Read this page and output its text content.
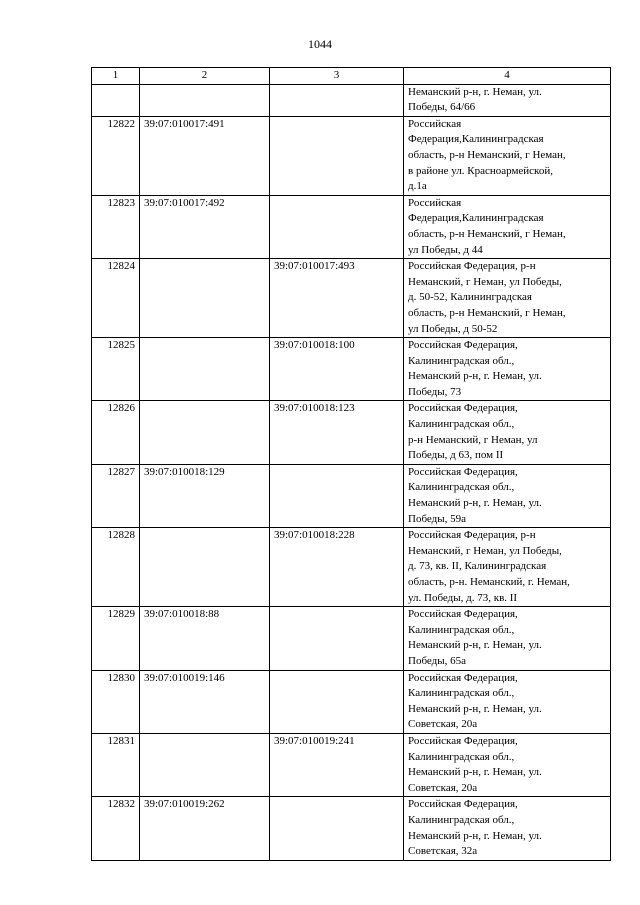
1044
1	2	3	4

			Неманский р-н, г. Неман, ул.
Победы, 64/66

12822	39:07:010017:491		Российская
Федерация,Калининградская
область, р-н Неманский, г Неман,
в районе ул. Красноармейской,
д.1а

12823	39:07:010017:492		Российская
Федерация,Калининградская
область, р-н Неманский, г Неман,
ул Победы, д 44

12824		39:07:010017:493	Российская Федерация, р-н
Неманский, г Неман, ул Победы,
д. 50-52, Калининградская
область, р-н Неманский, г Неман,
ул Победы, д 50-52

12825		39:07:010018:100	Российская Федерация,
Калининградская обл.,
Неманский р-н, г. Неман, ул.
Победы, 73

12826		39:07:010018:123	Российская Федерация,
Калининградская обл.,
р-н Неманский, г Неман, ул
Победы, д 63, пом II

12827	39:07:010018:129		Российская Федерация,
Калининградская обл.,
Неманский р-н, г. Неман, ул.
Победы, 59а

12828		39:07:010018:228	Российская Федерация, р-н
Неманский, г Неман, ул Победы,
д. 73, кв. II, Калининградская
область, р-н. Неманский, г. Неман,
ул. Победы, д. 73, кв. II

12829	39:07:010018:88		Российская Федерация,
Калининградская обл.,
Неманский р-н, г. Неман, ул.
Победы, 65а

12830	39:07:010019:146		Российская Федерация,
Калининградская обл.,
Неманский р-н, г. Неман, ул.
Советская, 20а

12831		39:07:010019:241	Российская Федерация,
Калининградская обл.,
Неманский р-н, г. Неман, ул.
Советская, 20а

12832	39:07:010019:262		Российская Федерация,
Калининградская обл.,
Неманский р-н, г. Неман, ул.
Советская, 32а
